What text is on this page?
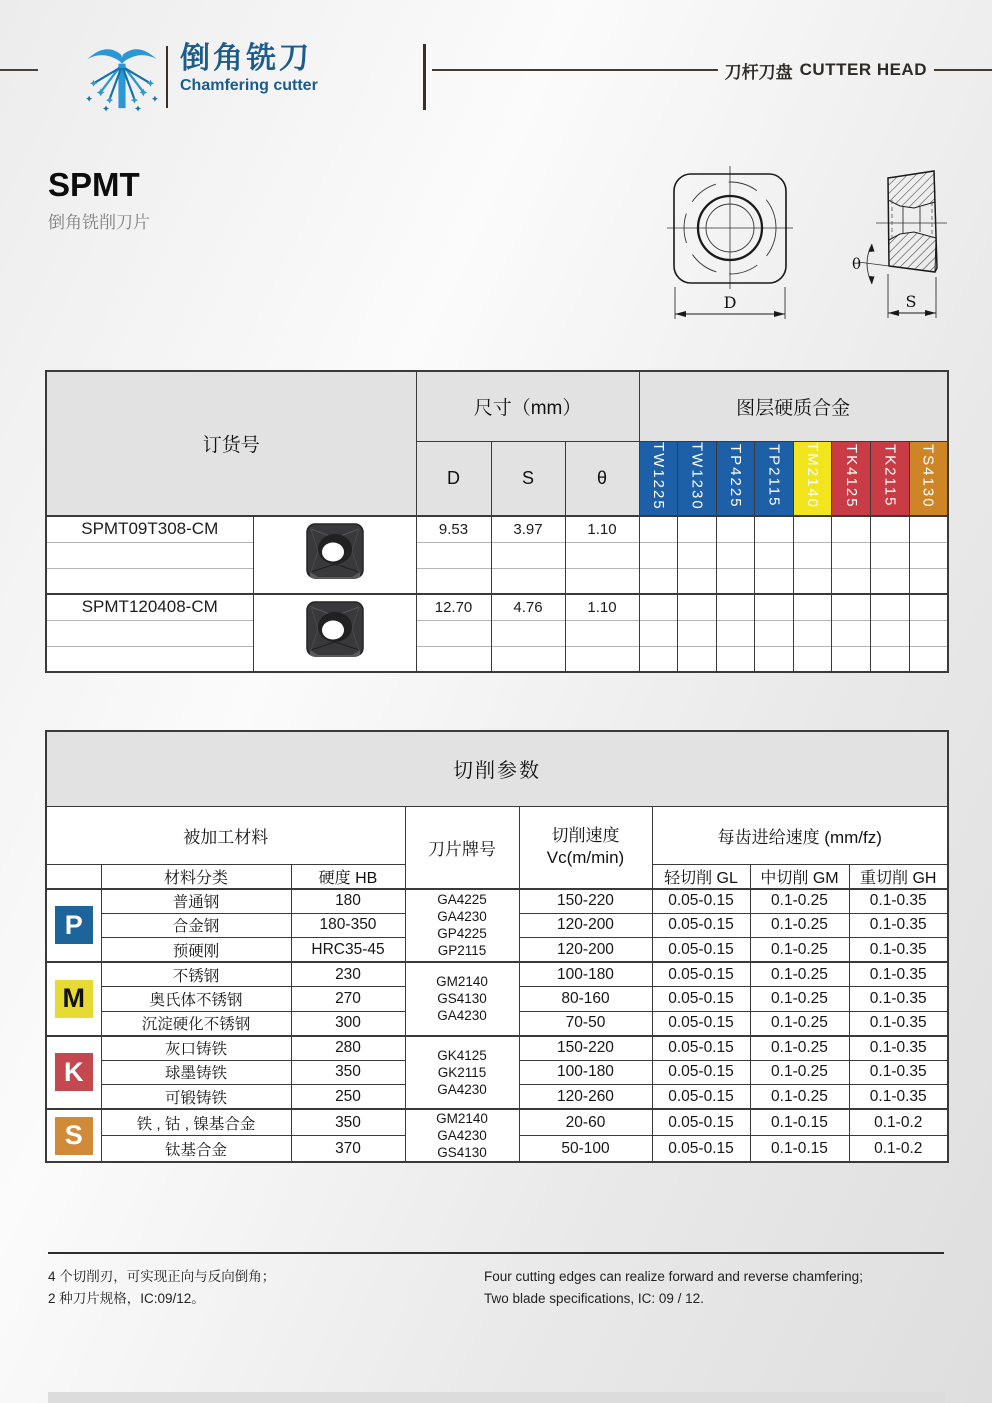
倒角铣刀
Chamfering cutter
刀杆刀盘 CUTTER HEAD
SPMT
倒角铣削刀片
D
θ
S
订货号		尺寸（mm）			图层硬质合金							
		D	S	θ	TW1225	TW1230	TP4225	TP2115	TM2140	TK4125	TK2115	TS4130
SPMT09T308-CM		9.53	3.97	1.10								

SPMT120408-CM		12.70	4.76	1.10								

切削参数							
被加工材料			刀片牌号	切削速度
Vc(m/min)	每齿进给速度 (mm/fz)		
	材料分类	硬度 HB			轻切削 GL	中切削 GM	重切削 GH

P	普通钢	180	GA4225
GA4230
GP4225
GP2115	150-220	0.05-0.15	0.1-0.25	0.1-0.35
	合金钢	180-350		120-200	0.05-0.15	0.1-0.25	0.1-0.35
	预硬刚	HRC35-45		120-200	0.05-0.15	0.1-0.25	0.1-0.35

M	不锈钢	230	GM2140
GS4130
GA4230	100-180	0.05-0.15	0.1-0.25	0.1-0.35
	奥氏体不锈钢	270		80-160	0.05-0.15	0.1-0.25	0.1-0.35
	沉淀硬化不锈钢	300		70-50	0.05-0.15	0.1-0.25	0.1-0.35

K	灰口铸铁	280	GK4125
GK2115
GA4230	150-220	0.05-0.15	0.1-0.25	0.1-0.35
	球墨铸铁	350		100-180	0.05-0.15	0.1-0.25	0.1-0.35
	可锻铸铁	250		120-260	0.05-0.15	0.1-0.25	0.1-0.35

S	铁 , 钴 , 镍基合金	350	GM2140
GA4230
GS4130	20-60	0.05-0.15	0.1-0.15	0.1-0.2
	钛基合金	370		50-100	0.05-0.15	0.1-0.15	0.1-0.2
4 个切削刃，可实现正向与反向倒角；
2 种刀片规格，IC:09/12。
Four cutting edges can realize forward and reverse chamfering;
Two blade specifications, IC: 09 / 12.
